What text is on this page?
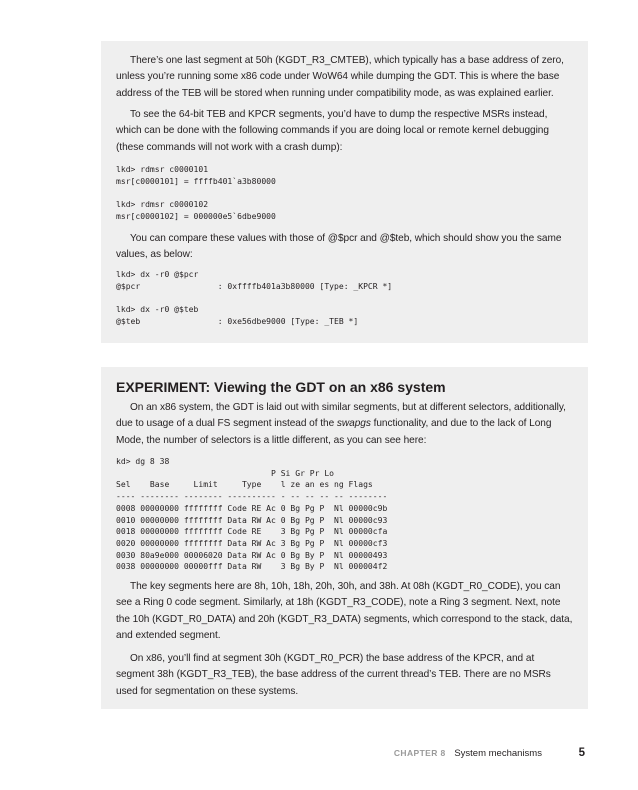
There’s one last segment at 50h (KGDT_R3_CMTEB), which typically has a base address of zero, unless you’re running some x86 code under WoW64 while dumping the GDT. This is where the base address of the TEB will be stored when running under compatibility mode, as was explained earlier.

To see the 64-bit TEB and KPCR segments, you’d have to dump the respective MSRs instead, which can be done with the following commands if you are doing local or remote kernel debugging (these commands will not work with a crash dump):

lkd> rdmsr c0000101
msr[c0000101] = ffffb401`a3b80000

lkd> rdmsr c0000102
msr[c0000102] = 000000e5`6dbe9000

You can compare these values with those of @$pcr and @$teb, which should show you the same values, as below:

lkd> dx -r0 @$pcr
@$pcr                : 0xffffb401a3b80000 [Type: _KPCR *]

lkd> dx -r0 @$teb
@$teb                : 0xe56dbe9000 [Type: _TEB *]
EXPERIMENT: Viewing the GDT on an x86 system

On an x86 system, the GDT is laid out with similar segments, but at different selectors, additionally, due to usage of a dual FS segment instead of the swapgs functionality, and due to the lack of Long Mode, the number of selectors is a little different, as you can see here:

kd> dg 8 38
P Si Gr Pr Lo
Sel    Base     Limit     Type    l ze an es ng Flags
---- -------- -------- ---------- - -- -- -- -- --------
0008 00000000 ffffffff Code RE Ac 0 Bg Pg P  Nl 00000c9b
0010 00000000 ffffffff Data RW Ac 0 Bg Pg P  Nl 00000c93
0018 00000000 ffffffff Code RE    3 Bg Pg P  Nl 00000cfa
0020 00000000 ffffffff Data RW Ac 3 Bg Pg P  Nl 00000cf3
0030 80a9e000 00006020 Data RW Ac 0 Bg By P  Nl 00000493
0038 00000000 00000fff Data RW    3 Bg By P  Nl 000004f2

The key segments here are 8h, 10h, 18h, 20h, 30h, and 38h. At 08h (KGDT_R0_CODE), you can see a Ring 0 code segment. Similarly, at 18h (KGDT_R3_CODE), note a Ring 3 segment. Next, note the 10h (KGDT_R0_DATA) and 20h (KGDT_R3_DATA) segments, which correspond to the stack, data, and extended segment.

On x86, you’ll find at segment 30h (KGDT_R0_PCR) the base address of the KPCR, and at segment 38h (KGDT_R3_TEB), the base address of the current thread’s TEB. There are no MSRs used for segmentation on these systems.

CHAPTER 8 System mechanisms	5
